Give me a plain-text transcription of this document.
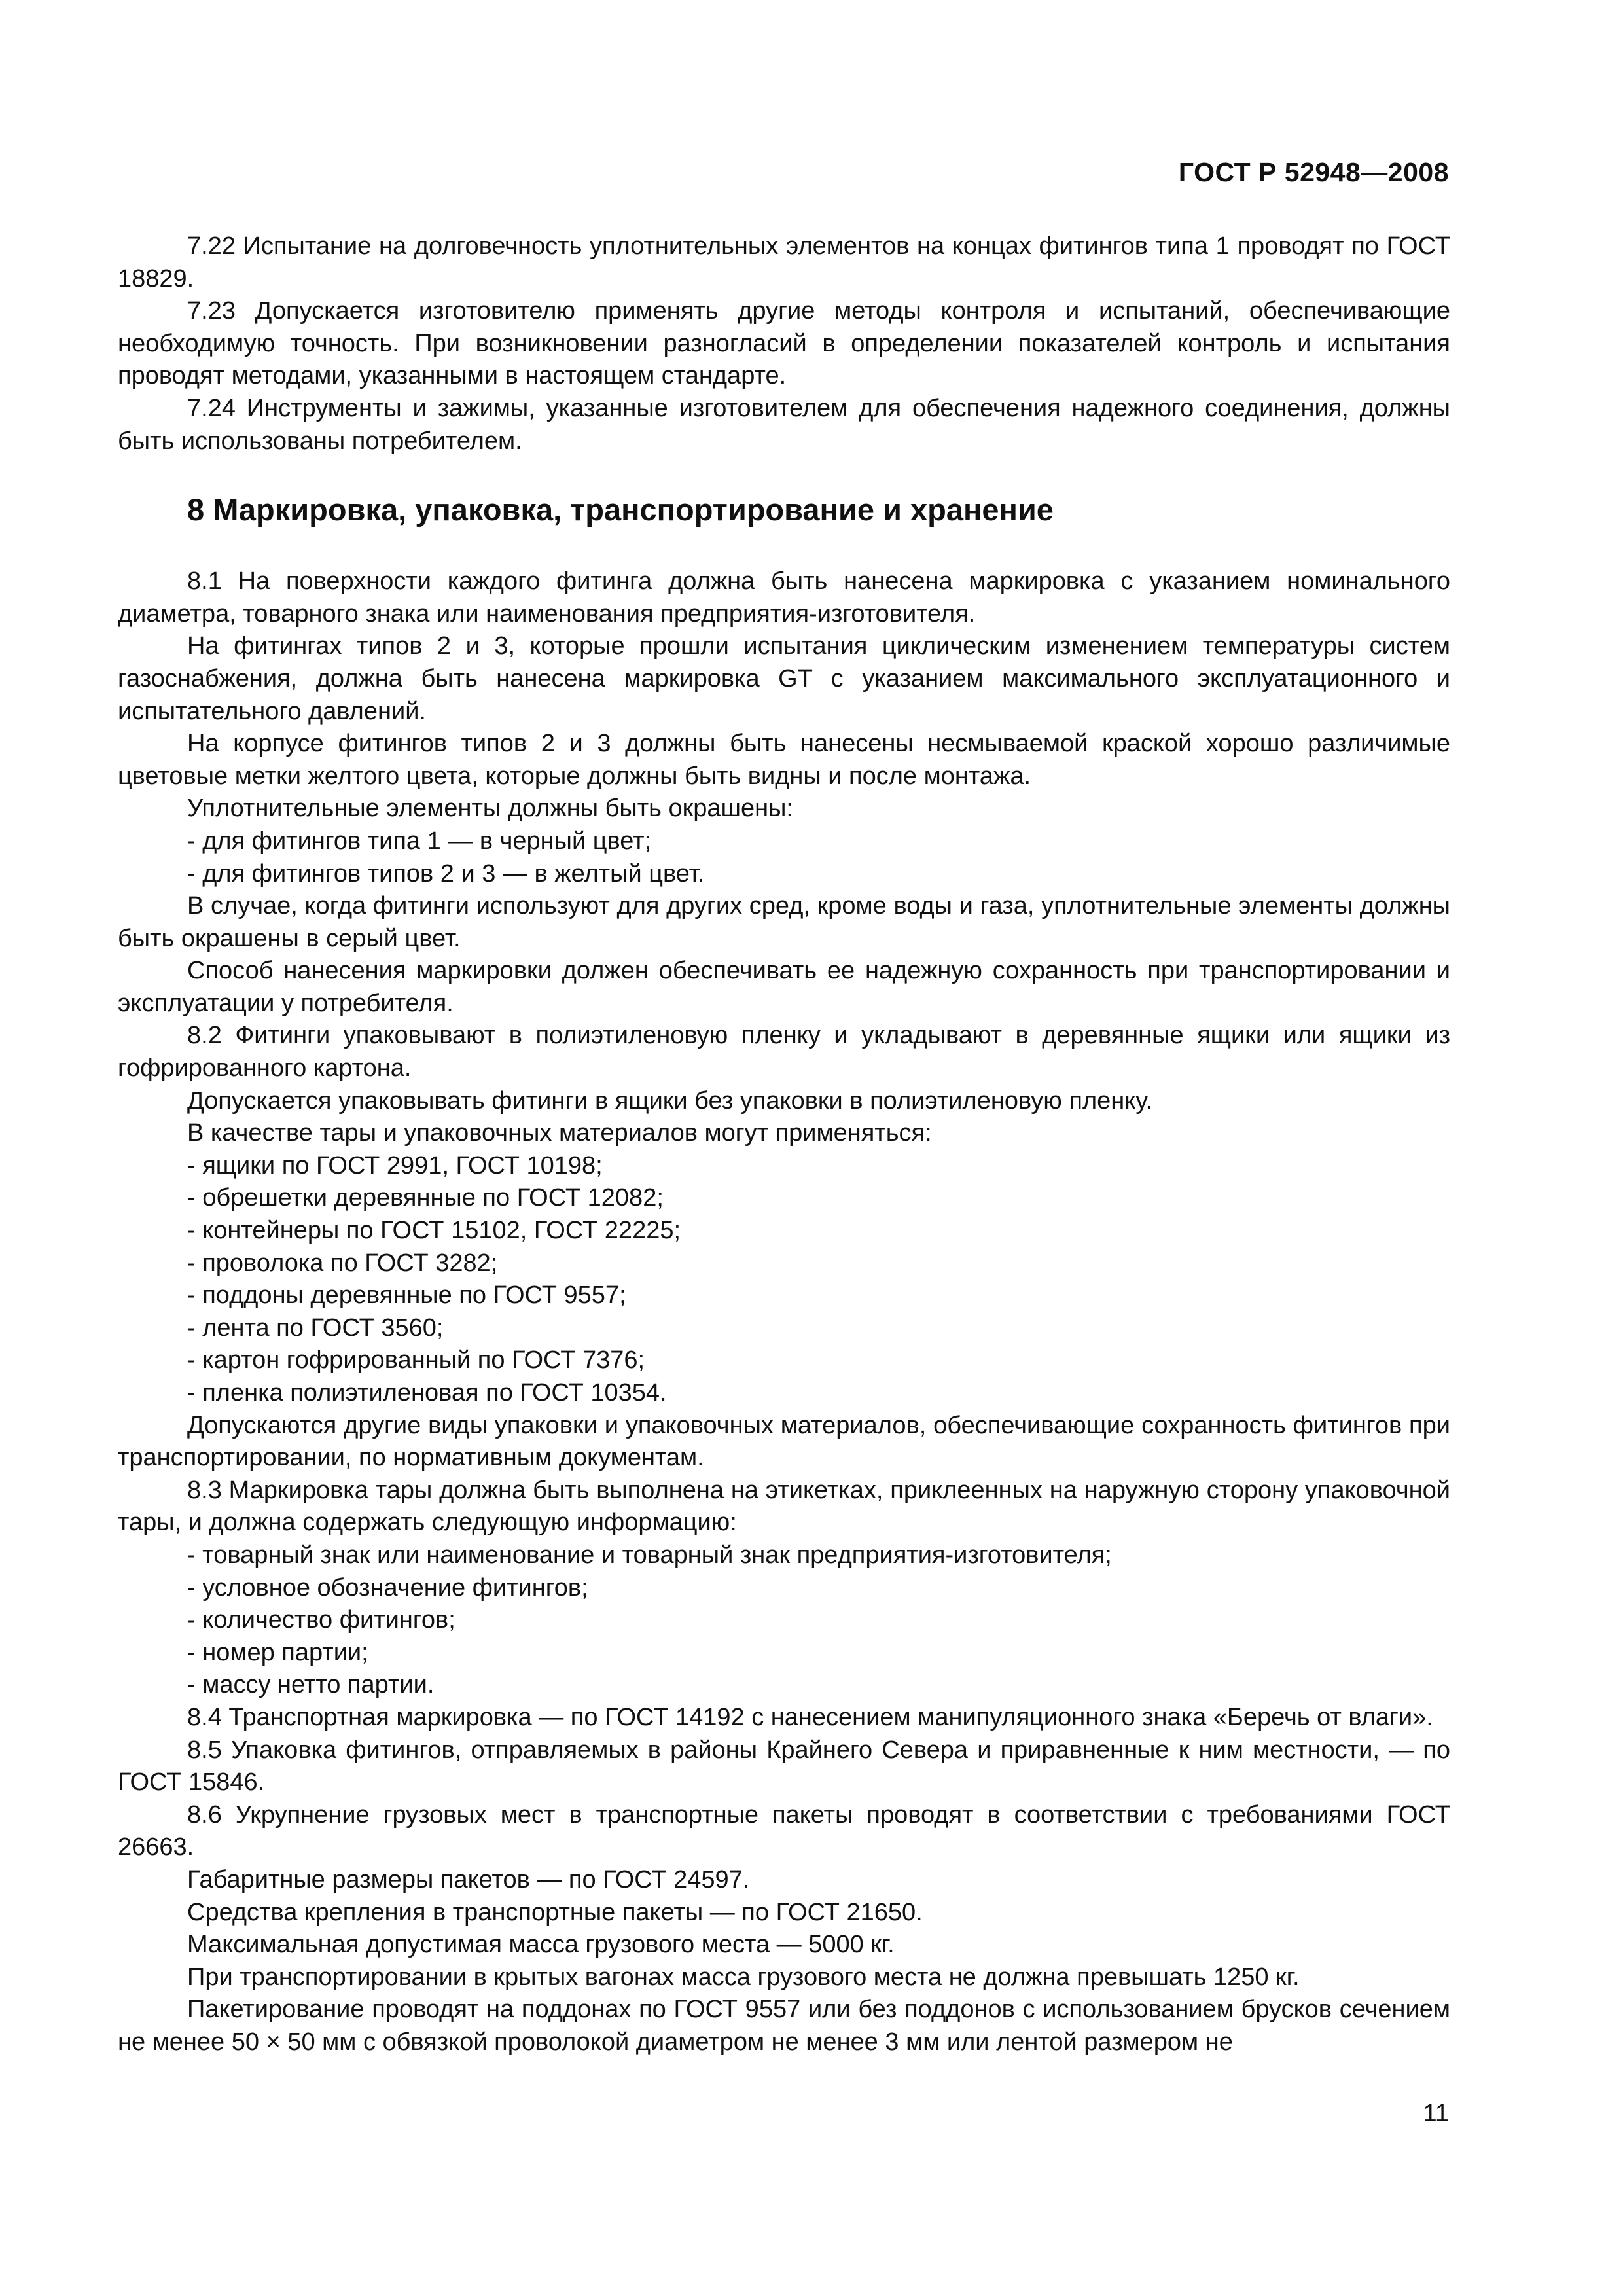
ГОСТ Р 52948—2008

7.22 Испытание на долговечность уплотнительных элементов на концах фитингов типа 1 проводят по ГОСТ 18829.

7.23 Допускается изготовителю применять другие методы контроля и испытаний, обеспечивающие необходимую точность. При возникновении разногласий в определении показателей контроль и испытания проводят методами, указанными в настоящем стандарте.

7.24 Инструменты и зажимы, указанные изготовителем для обеспечения надежного соединения, должны быть использованы потребителем.

8 Маркировка, упаковка, транспортирование и хранение

8.1 На поверхности каждого фитинга должна быть нанесена маркировка с указанием номинального диаметра, товарного знака или наименования предприятия-изготовителя.

На фитингах типов 2 и 3, которые прошли испытания циклическим изменением температуры систем газоснабжения, должна быть нанесена маркировка GT с указанием максимального эксплуатационного и испытательного давлений.

На корпусе фитингов типов 2 и 3 должны быть нанесены несмываемой краской хорошо различимые цветовые метки желтого цвета, которые должны быть видны и после монтажа.

Уплотнительные элементы должны быть окрашены:

- для фитингов типа 1 — в черный цвет;

- для фитингов типов 2 и 3 — в желтый цвет.

В случае, когда фитинги используют для других сред, кроме воды и газа, уплотнительные элементы должны быть окрашены в серый цвет.

Способ нанесения маркировки должен обеспечивать ее надежную сохранность при транспортировании и эксплуатации у потребителя.

8.2 Фитинги упаковывают в полиэтиленовую пленку и укладывают в деревянные ящики или ящики из гофрированного картона.

Допускается упаковывать фитинги в ящики без упаковки в полиэтиленовую пленку.

В качестве тары и упаковочных материалов могут применяться:

- ящики по ГОСТ 2991, ГОСТ 10198;

- обрешетки деревянные по ГОСТ 12082;

- контейнеры по ГОСТ 15102, ГОСТ 22225;

- проволока по ГОСТ 3282;

- поддоны деревянные по ГОСТ 9557;

- лента по ГОСТ 3560;

- картон гофрированный по ГОСТ 7376;

- пленка полиэтиленовая по ГОСТ 10354.

Допускаются другие виды упаковки и упаковочных материалов, обеспечивающие сохранность фитингов при транспортировании, по нормативным документам.

8.3 Маркировка тары должна быть выполнена на этикетках, приклеенных на наружную сторону упаковочной тары, и должна содержать следующую информацию:

- товарный знак или наименование и товарный знак предприятия-изготовителя;

- условное обозначение фитингов;

- количество фитингов;

- номер партии;

- массу нетто партии.

8.4 Транспортная маркировка — по ГОСТ 14192 с нанесением манипуляционного знака «Беречь от влаги».

8.5 Упаковка фитингов, отправляемых в районы Крайнего Севера и приравненные к ним местности, — по ГОСТ 15846.

8.6 Укрупнение грузовых мест в транспортные пакеты проводят в соответствии с требованиями ГОСТ 26663.

Габаритные размеры пакетов — по ГОСТ 24597.

Средства крепления в транспортные пакеты — по ГОСТ 21650.

Максимальная допустимая масса грузового места — 5000 кг.

При транспортировании в крытых вагонах масса грузового места не должна превышать 1250 кг.

Пакетирование проводят на поддонах по ГОСТ 9557 или без поддонов с использованием брусков сечением не менее 50 × 50 мм с обвязкой проволокой диаметром не менее 3 мм или лентой размером не

11
